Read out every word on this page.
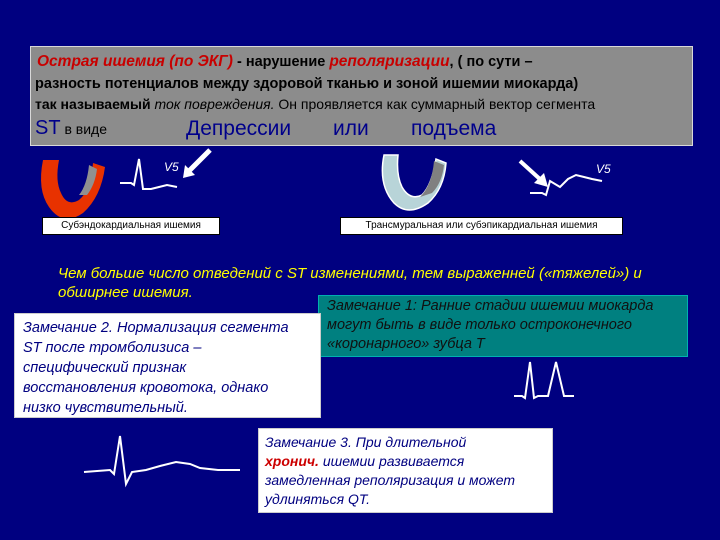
Острая ишемия (по ЭКГ) - нарушение реполяризации, ( по сути –
разность потенциалов между здоровой тканью и зоной ишемии миокарда)
так называемый ток повреждения. Он проявляется как суммарный вектор сегмента
ST в виде	Депрессии или подъема
V5	V5
Субэндокардиальная ишемия	Трансмуральная или субэпикардиальная ишемия
Чем больше число отведений с ST изменениями, тем выраженней («тяжелей») и
обширнее ишемия.
Замечание 1: Ранние стадии ишемии миокарда
могут быть в виде только остроконечного
«коронарного» зубца Т
Замечание 2. Нормализация сегмента
ST после тромболизиса –
специфический признак
восстановления кровотока, однако
низко чувствительный.
Замечание 3. При длительной
хронич. ишемии развивается
замедленная реполяризация и может
удлиняться QT.
